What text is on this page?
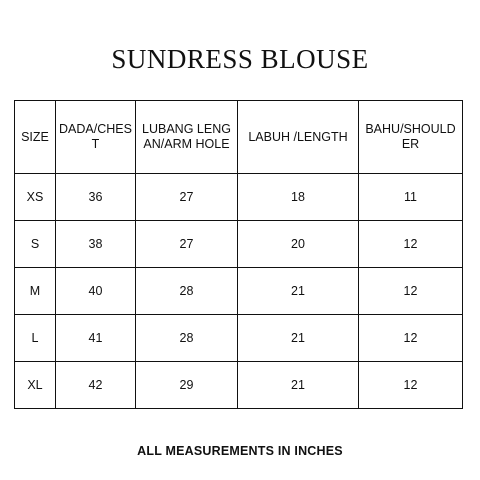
SUNDRESS BLOUSE
SIZE	DADA/CHEST	LUBANG LENGAN/ARM HOLE	LABUH /LENGTH	BAHU/SHOULDER
XS	36	27	18	11
S	38	27	20	12
M	40	28	21	12
L	41	28	21	12
XL	42	29	21	12
ALL MEASUREMENTS IN INCHES
